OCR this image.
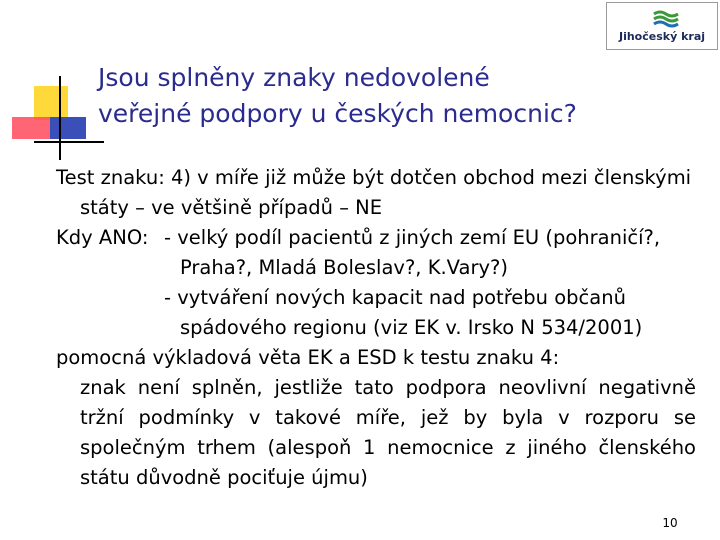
Jihočeský kraj
Jsou splněny znaky nedovolené
veřejné podpory u českých nemocnic?

Test znaku: 4) v míře již může být dotčen obchod mezi členskými státy – ve většině případů – NE

Kdy ANO: - velký podíl pacientů z jiných zemí EU (pohraničí?, Praha?, Mladá Boleslav?, K.Vary?)

- vytváření nových kapacit nad potřebu občanů spádového regionu (viz EK v. Irsko N 534/2001)

pomocná výkladová věta EK a ESD k testu znaku 4:

znak není splněn, jestliže tato podpora neovlivní negativně tržní podmínky v takové míře, jež by byla v rozporu se společným trhem (alespoň 1 nemocnice z jiného členského státu důvodně pociťuje újmu)

10
